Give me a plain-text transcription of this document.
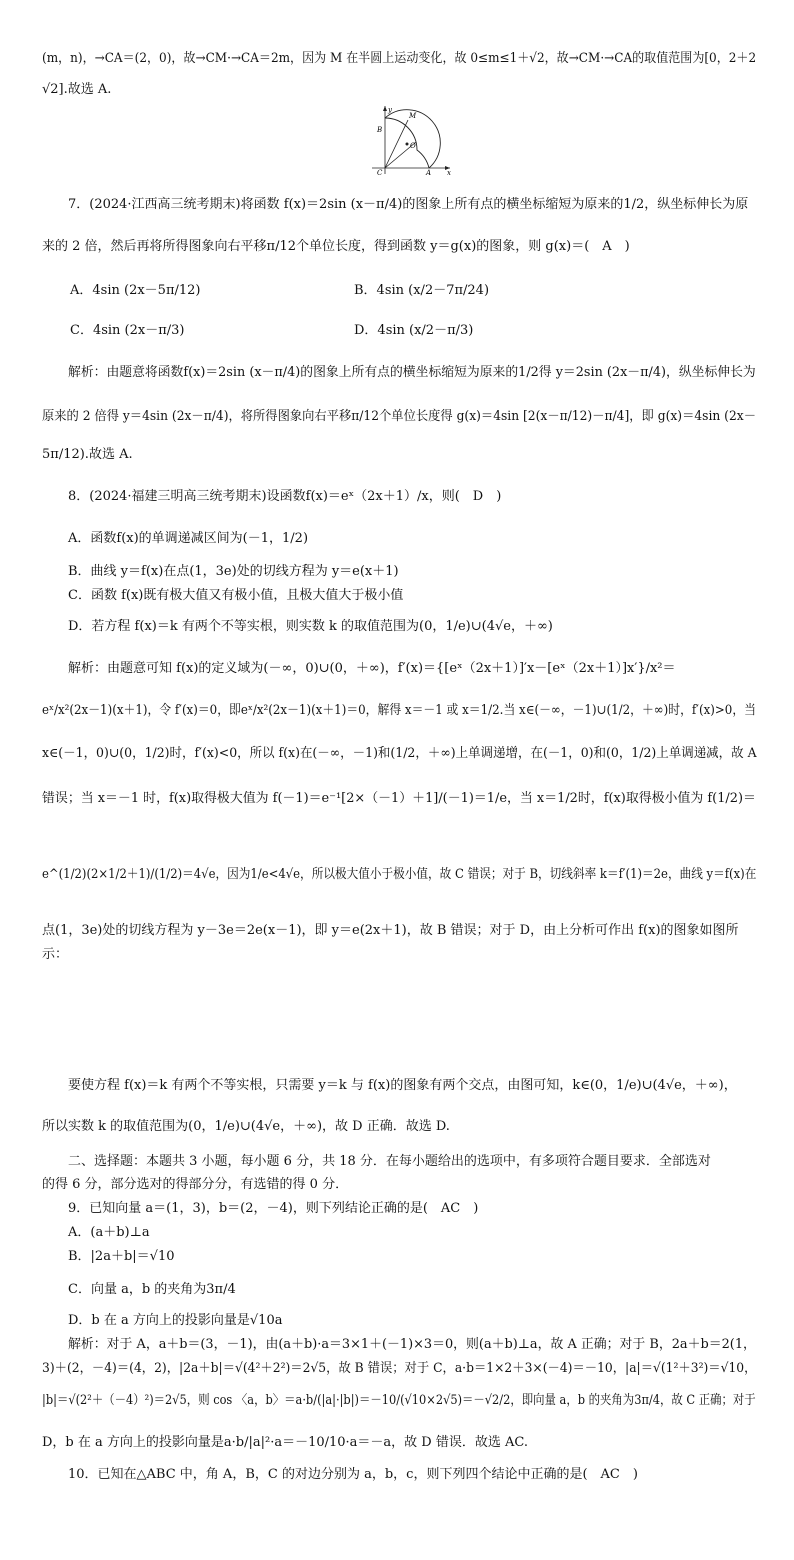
(m，n)，→CA＝(2，0)，故→CM·→CA＝2m，因为 M 在半圆上运动变化，故 0≤m≤1＋√2，故→CM·→CA的取值范围为[0，2＋2
√2].故选 A.
y
x
M
B
O
C	A
7．(2024·江西高三统考期末)将函数 f(x)＝2sin (x－π/4)的图象上所有点的横坐标缩短为原来的1/2，纵坐标伸长为原
来的 2 倍，然后再将所得图象向右平移π/12个单位长度，得到函数 y＝g(x)的图象，则 g(x)＝(　A　)
A．4sin (2x－5π/12)	B．4sin (x/2－7π/24)
C．4sin (2x－π/3)	D．4sin (x/2－π/3)
解析：由题意将函数f(x)＝2sin (x－π/4)的图象上所有点的横坐标缩短为原来的1/2得 y＝2sin (2x－π/4)，纵坐标伸长为
原来的 2 倍得 y＝4sin (2x－π/4)，将所得图象向右平移π/12个单位长度得 g(x)＝4sin [2(x－π/12)－π/4]，即 g(x)＝4sin (2x－
5π/12).故选 A.
8．(2024·福建三明高三统考期末)设函数f(x)＝eˣ（2x＋1）/x，则(　D　)
A．函数f(x)的单调递减区间为(－1，1/2)
B．曲线 y＝f(x)在点(1，3e)处的切线方程为 y＝e(x＋1)
C．函数 f(x)既有极大值又有极小值，且极大值大于极小值
D．若方程 f(x)＝k 有两个不等实根，则实数 k 的取值范围为(0，1/e)∪(4√e，＋∞)
解析：由题意可知 f(x)的定义域为(－∞，0)∪(0，＋∞)，f′(x)＝{[eˣ（2x＋1）]′x－[eˣ（2x＋1）]x′}/x²＝
eˣ/x²(2x－1)(x＋1)，令 f′(x)＝0，即eˣ/x²(2x－1)(x＋1)＝0，解得 x＝－1 或 x＝1/2.当 x∈(－∞，－1)∪(1/2，＋∞)时，f′(x)>0，当
x∈(－1，0)∪(0，1/2)时，f′(x)<0，所以 f(x)在(－∞，－1)和(1/2，＋∞)上单调递增，在(－1，0)和(0，1/2)上单调递减，故 A
错误；当 x＝－1 时，f(x)取得极大值为 f(－1)＝e⁻¹[2×（－1）＋1]/(－1)＝1/e，当 x＝1/2时，f(x)取得极小值为 f(1/2)＝
e^(1/2)(2×1/2＋1)/(1/2)＝4√e，因为1/e<4√e，所以极大值小于极小值，故 C 错误；对于 B，切线斜率 k＝f′(1)＝2e，曲线 y＝f(x)在
点(1，3e)处的切线方程为 y－3e＝2e(x－1)，即 y＝e(2x＋1)，故 B 错误；对于 D，由上分析可作出 f(x)的图象如图所
示：
要使方程 f(x)＝k 有两个不等实根，只需要 y＝k 与 f(x)的图象有两个交点，由图可知，k∈(0，1/e)∪(4√e，＋∞)，
所以实数 k 的取值范围为(0，1/e)∪(4√e，＋∞)，故 D 正确．故选 D.
二、选择题：本题共 3 小题，每小题 6 分，共 18 分．在每小题给出的选项中，有多项符合题目要求．全部选对
的得 6 分，部分选对的得部分分，有选错的得 0 分．
9．已知向量 a＝(1，3)，b＝(2，－4)，则下列结论正确的是(　AC　)
A．(a＋b)⊥a
B．|2a＋b|＝√10
C．向量 a，b 的夹角为3π/4
D．b 在 a 方向上的投影向量是√10a
解析：对于 A，a＋b＝(3，－1)，由(a＋b)·a＝3×1＋(－1)×3＝0，则(a＋b)⊥a，故 A 正确；对于 B，2a＋b＝2(1，
3)＋(2，－4)＝(4，2)，|2a＋b|＝√(4²＋2²)＝2√5，故 B 错误；对于 C，a·b＝1×2＋3×(－4)＝－10，|a|＝√(1²＋3²)＝√10，
|b|＝√(2²＋（－4）²)＝2√5，则 cos 〈a，b〉＝a·b/(|a|·|b|)＝－10/(√10×2√5)＝－√2/2，即向量 a，b 的夹角为3π/4，故 C 正确；对于
D，b 在 a 方向上的投影向量是a·b/|a|²·a＝－10/10·a＝－a，故 D 错误．故选 AC.
10．已知在△ABC 中，角 A，B，C 的对边分别为 a，b，c，则下列四个结论中正确的是(　AC　)
